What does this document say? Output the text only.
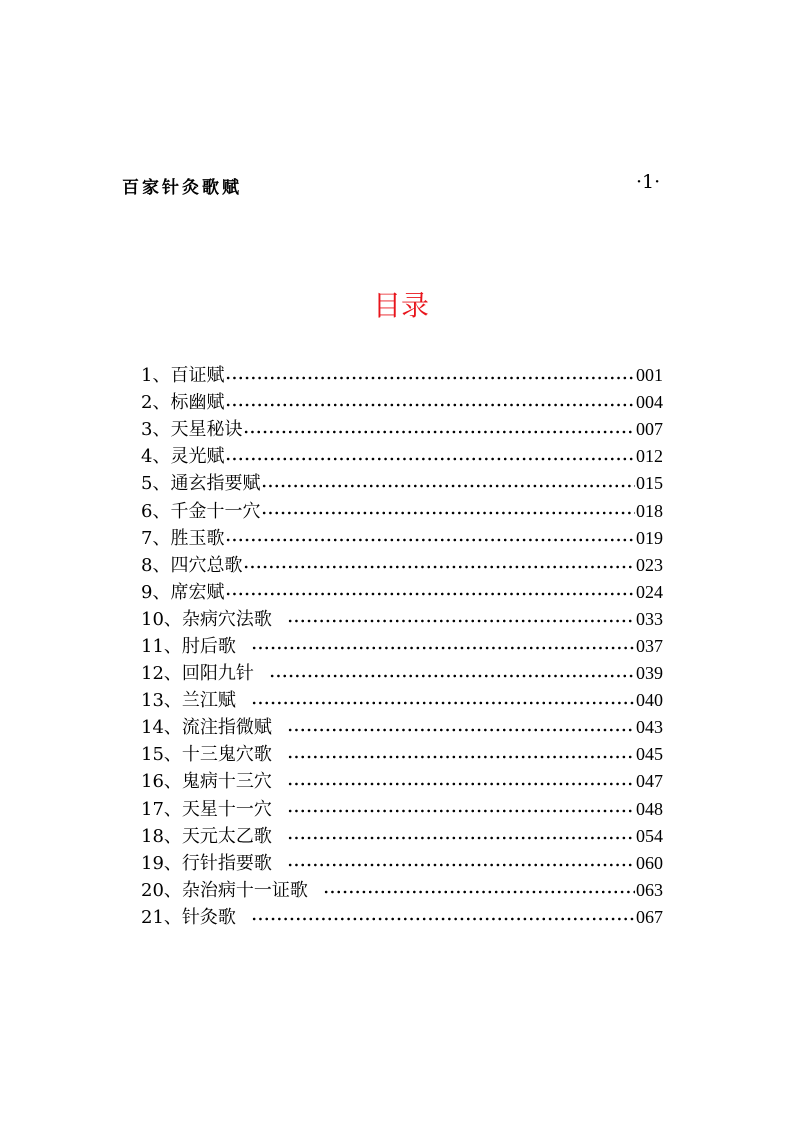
百家针灸歌赋	·1·
目录
1、 百证赋	001
2、 标幽赋	004
3、 天星秘诀	007
4、 灵光赋	012
5、 通玄指要赋	015
6、 千金十一穴	018
7、 胜玉歌	019
8、 四穴总歌	023
9、 席宏赋	024
10、 杂病穴法歌	033
11、 肘后歌	037
12、 回阳九针	039
13、 兰江赋	040
14、 流注指微赋	043
15、 十三鬼穴歌	045
16、 鬼病十三穴	047
17、 天星十一穴	048
18、 天元太乙歌	054
19、 行针指要歌	060
20、 杂治病十一证歌	063
21、 针灸歌	067
